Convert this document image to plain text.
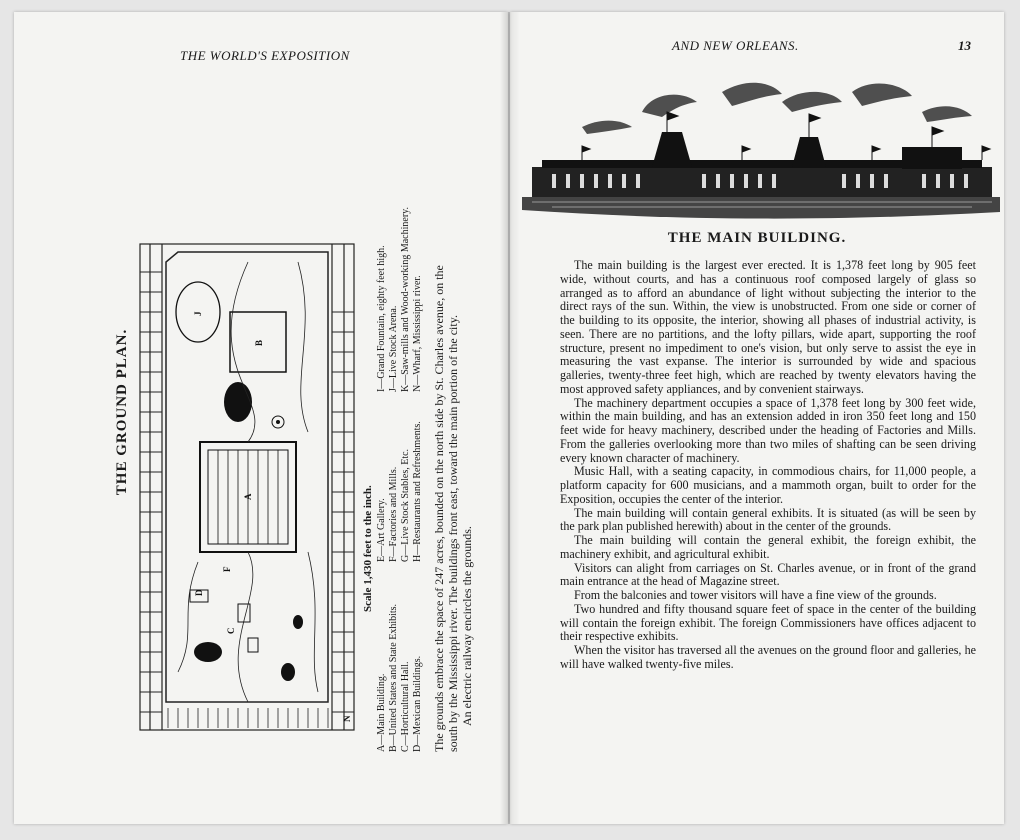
THE WORLD'S EXPOSITION
THE GROUND PLAN.
J
B
A
F
D
C
N
Scale 1,430 feet to the inch.
A—Main Building. B—United States and State Exhibits. C—Horticultural Hall. D—Mexican Buildings.
E—Art Gallery. F—Factories and Mills. G—Live Stock Stables, Etc. H—Restaurants and Refreshments.
I—Grand Fountain, eighty feet high. J—Live Stock Arena. K—Saw-mills and Wood-working Machinery. N—Wharf, Mississippi river. The grounds embrace the space of 247 acres, bounded on the north side by St. Charles avenue, on the south by the Mississippi river. The buildings front east, toward the main portion of the city. An electric railway encircles the grounds.
AND NEW ORLEANS.	13
THE MAIN BUILDING.

The main building is the largest ever erected. It is 1,378 feet long by 905 feet wide, without courts, and has a continuous roof composed largely of glass so arranged as to afford an abundance of light without subjecting the interior to the direct rays of the sun. Within, the view is unobstructed. From one side or corner of the building to its opposite, the interior, showing all phases of industrial activity, is seen. There are no partitions, and the lofty pillars, wide apart, supporting the roof structure, present no impediment to one's vision, but only serve to assist the eye in measuring the vast expanse. The interior is surrounded by wide and spacious galleries, twenty-three feet high, which are reached by twenty elevators having the most approved safety appliances, and by convenient stairways.

The machinery department occupies a space of 1,378 feet long by 300 feet wide, within the main building, and has an extension added in iron 350 feet long and 150 feet wide for heavy machinery, described under the heading of Factories and Mills. From the galleries overlooking more than two miles of shafting can be seen driving every known character of machinery.

Music Hall, with a seating capacity, in commodious chairs, for 11,000 people, a platform capacity for 600 musicians, and a mammoth organ, built to order for the Exposition, occupies the center of the interior.

The main building will contain general exhibits. It is situated (as will be seen by the park plan published herewith) about in the center of the grounds.

The main building will contain the general exhibit, the foreign exhibit, the machinery exhibit, and agricultural exhibit.

Visitors can alight from carriages on St. Charles avenue, or in front of the grand main entrance at the head of Magazine street.

From the balconies and tower visitors will have a fine view of the grounds.

Two hundred and fifty thousand square feet of space in the center of the building will contain the foreign exhibit. The foreign Commissioners have offices adjacent to their respective exhibits.

When the visitor has traversed all the avenues on the ground floor and galleries, he will have walked twenty-five miles.
